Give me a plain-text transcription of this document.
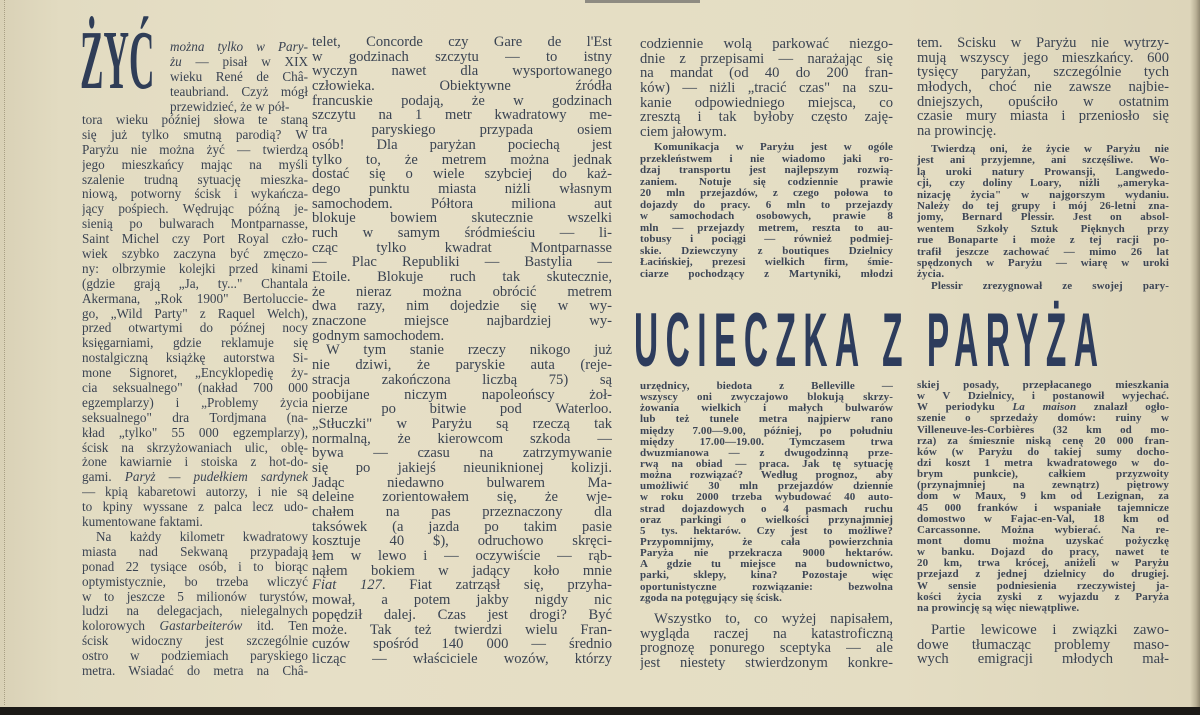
ŻYĆ
UCIECZKA Z PARYŻA
można tylko w Pary-
żu — pisał w XIX
wieku René de Châ-
teaubriand. Czyż mógł
przewidzieć, że w pół-
tora wieku później słowa te staną
się już tylko smutną parodią? W
Paryżu nie można żyć — twierdzą
jego mieszkańcy mając na myśli
szalenie trudną sytuację mieszka-
niową, potworny ścisk i wykańcza-
jący pośpiech. Wędrując późną je-
sienią po bulwarach Montparnasse,
Saint Michel czy Port Royal czło-
wiek szybko zaczyna być zmęczo-
ny: olbrzymie kolejki przed kinami
(gdzie grają „Ja, ty..." Chantala
Akermana, „Rok 1900" Bertoluccie-
go, „Wild Party" z Raquel Welch),
przed otwartymi do późnej nocy
księgarniami, gdzie reklamuje się
nostalgiczną książkę autorstwa Si-
mone Signoret, „Encyklopedię ży-
cia seksualnego" (nakład 700 000
egzemplarzy) i „Problemy życia
seksualnego" dra Tordjmana (na-
kład „tylko" 55 000 egzemplarzy),
ścisk na skrzyżowaniach ulic, oblę-
żone kawiarnie i stoiska z hot-do-
gami. Paryż — pudełkiem sardynek
— kpią kabaretowi autorzy, i nie są
to kpiny wyssane z palca lecz udo-
kumentowane faktami.
Na każdy kilometr kwadratowy
miasta nad Sekwaną przypadają
ponad 22 tysiące osób, i to biorąc
optymistycznie, bo trzeba wliczyć
w to jeszcze 5 milionów turystów,
ludzi na delegacjach, nielegalnych
kolorowych Gastarbeiterów itd. Ten
ścisk widoczny jest szczególnie
ostro w podziemiach paryskiego
metra. Wsiadać do metra na Châ-
telet, Concorde czy Gare de l'Est
w godzinach szczytu — to istny
wyczyn nawet dla wysportowanego
człowieka. Obiektywne źródła
francuskie podają, że w godzinach
szczytu na 1 metr kwadratowy me-
tra paryskiego przypada osiem
osób! Dla paryżan pociechą jest
tylko to, że metrem można jednak
dostać się o wiele szybciej do każ-
dego punktu miasta niżli własnym
samochodem. Półtora miliona aut
blokuje bowiem skutecznie wszelki
ruch w samym śródmieściu — li-
cząc tylko kwadrat Montparnasse
— Plac Republiki — Bastylia —
Étoile. Blokuje ruch tak skutecznie,
że nieraz można obrócić metrem
dwa razy, nim dojedzie się w wy-
znaczone miejsce najbardziej wy-
godnym samochodem.
W tym stanie rzeczy nikogo już
nie dziwi, że paryskie auta (reje-
stracja zakończona liczbą 75) są
poobijane niczym napoleońscy żoł-
nierze po bitwie pod Waterloo.
„Stłuczki" w Paryżu są rzeczą tak
normalną, że kierowcom szkoda —
bywa — czasu na zatrzymywanie
się po jakiejś nieuniknionej kolizji.
Jadąc niedawno bulwarem Ma-
deleine zorientowałem się, że wje-
chałem na pas przeznaczony dla
taksówek (a jazda po takim pasie
kosztuje 40 $), odruchowo skręci-
łem w lewo i — oczywiście — rąb-
nąłem bokiem w jadący koło mnie
Fiat 127. Fiat zatrząsł się, przyha-
mował, a potem jakby nigdy nic
popędził dalej. Czas jest drogi? Być
może. Tak też twierdzi wielu Fran-
cuzów spośród 140 000 — średnio
licząc — właściciele wozów, którzy
codziennie wolą parkować niezgo-
dnie z przepisami — narażając się
na mandat (od 40 do 200 fran-
ków) — niżli „tracić czas" na szu-
kanie odpowiedniego miejsca, co
zresztą i tak byłoby często zaję-
ciem jałowym.
Komunikacja w Paryżu jest w ogóle
przekleństwem i nie wiadomo jaki ro-
dzaj transportu jest najlepszym rozwią-
zaniem. Notuje się codziennie prawie
20 mln przejazdów, z czego połowa to
dojazdy do pracy. 6 mln to przejazdy
w samochodach osobowych, prawie 8
mln — przejazdy metrem, reszta to au-
tobusy i pociągi — również podmiej-
skie. Dziewczyny z boutiques Dzielnicy
Łacińskiej, prezesi wielkich firm, śmie-
ciarze pochodzący z Martyniki, młodzi
urzędnicy, biedota z Belleville —
wszyscy oni zwyczajowo blokują skrzy-
żowania wielkich i małych bulwarów
lub też tunele metra najpierw rano
między 7.00—9.00, później, po południu
między 17.00—19.00. Tymczasem trwa
dwuzmianowa — z dwugodzinną prze-
rwą na obiad — praca. Jak tę sytuację
można rozwiązać? Według prognoz, aby
umożliwić 30 mln przejazdów dziennie
w roku 2000 trzeba wybudować 40 auto-
strad dojazdowych o 4 pasmach ruchu
oraz parkingi o wielkości przynajmniej
5 tys. hektarów. Czy jest to możliwe?
Przypomnijmy, że cała powierzchnia
Paryża nie przekracza 9000 hektarów.
A gdzie tu miejsce na budownictwo,
parki, sklepy, kina? Pozostaje więc
oportunistyczne rozwiązanie: bezwolna
zgoda na potęgujący się ścisk.
Wszystko to, co wyżej napisałem,
wygląda raczej na katastroficzną
prognozę ponurego sceptyka — ale
jest niestety stwierdzonym konkre-
tem. Ścisku w Paryżu nie wytrzy-
mują wszyscy jego mieszkańcy. 600
tysięcy paryżan, szczególnie tych
młodych, choć nie zawsze najbie-
dniejszych, opuściło w ostatnim
czasie mury miasta i przeniosło się
na prowincję.
Twierdzą oni, że życie w Paryżu nie
jest ani przyjemne, ani szczęśliwe. Wo-
lą uroki natury Prowansji, Langwedo-
cji, czy doliny Loary, niżli „ameryka-
nizację życia" w najgorszym wydaniu.
Należy do tej grupy i mój 26-letni zna-
jomy, Bernard Plessir. Jest on absol-
wentem Szkoły Sztuk Pięknych przy
rue Bonaparte i może z tej racji po-
trafił jeszcze zachować — mimo 26 lat
spędzonych w Paryżu — wiarę w uroki
życia.
Plessir zrezygnował ze swojej pary-
skiej posady, przepłacanego mieszkania
w V Dzielnicy, i postanowił wyjechać.
W periodyku La maison znalazł ogło-
szenie o sprzedaży domów: ruiny w
Villeneuve-les-Corbières (32 km od mo-
rza) za śmiesznie niską cenę 20 000 fran-
ków (w Paryżu do takiej sumy docho-
dzi koszt 1 metra kwadratowego w do-
brym punkcie), całkiem przyzwoity
(przynajmniej na zewnątrz) piętrowy
dom w Maux, 9 km od Lezignan, za
45 000 franków i wspaniałe tajemnicze
domostwo w Fajac-en-Val, 18 km od
Carcassonne. Można wybierać. Na re-
mont domu można uzyskać pożyczkę
w banku. Dojazd do pracy, nawet te
20 km, trwa krócej, aniżeli w Paryżu
przejazd z jednej dzielnicy do drugiej.
W sensie podniesienia rzeczywistej ja-
kości życia zyski z wyjazdu z Paryża
na prowincję są więc niewątpliwe.
Partie lewicowe i związki zawo-
dowe tłumacząc problemy maso-
wych emigracji młodych mał-
